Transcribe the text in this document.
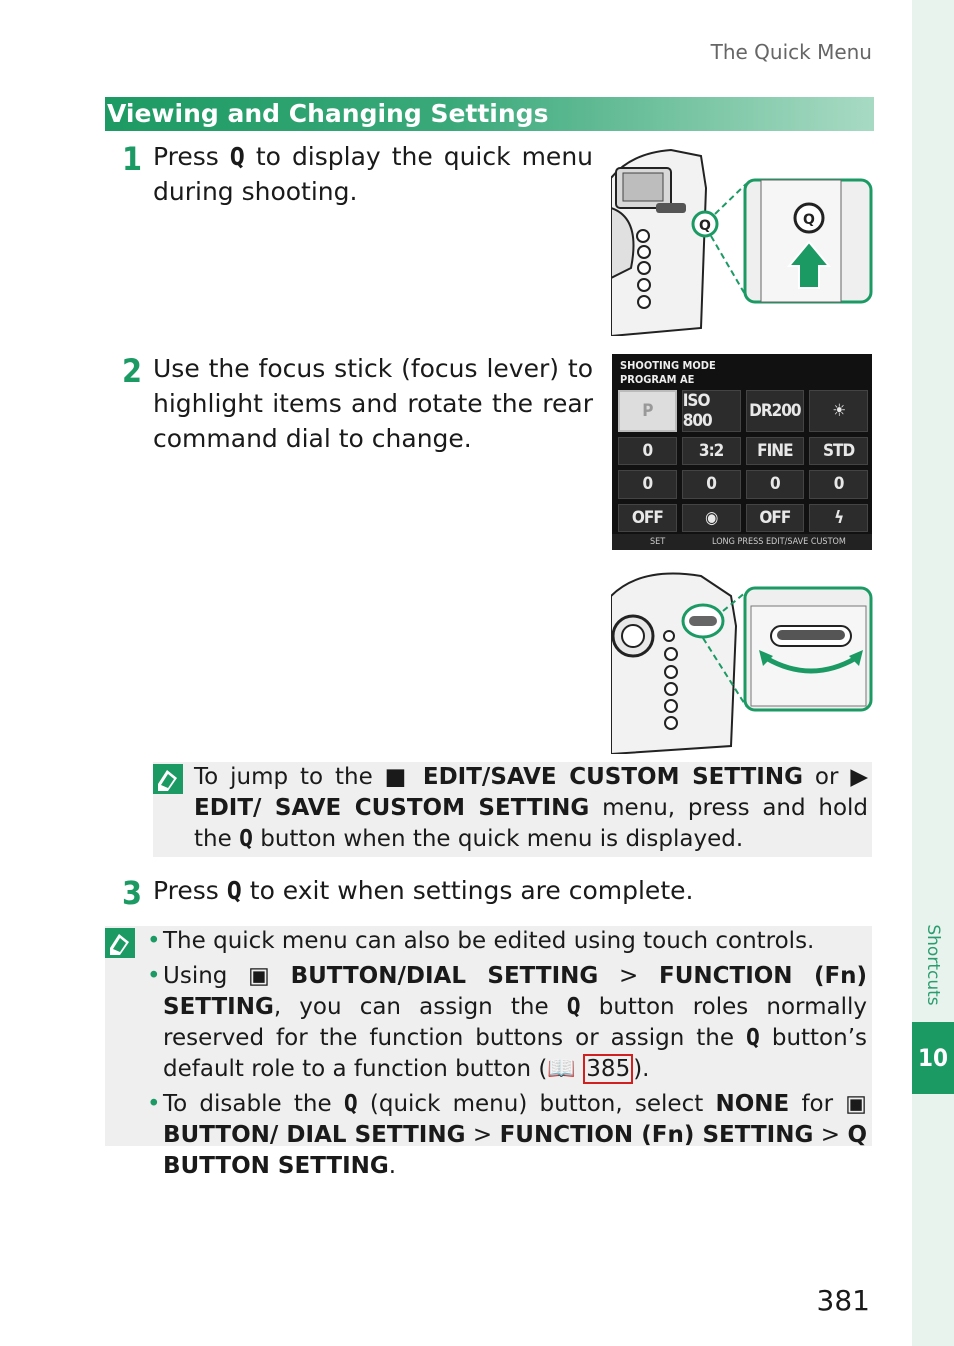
Shortcuts
10
The Quick Menu
Viewing and Changing Settings
1 Press Q to display the quick menu during shooting.
Q	Q
2 Use the focus stick (focus lever) to highlight items and rotate the rear command dial to change.
SHOOTING MODE
PROGRAM AE
P	ISO 800	DR200 ☀
0	3:2	FINE	STD
0	0	0	0
OFF	◉	OFF	ϟ
SET	LONG PRESS EDIT/SAVE CUSTOM
To jump to the ■ EDIT/SAVE CUSTOM SETTING or ▶ EDIT/ SAVE CUSTOM SETTING menu, press and hold the Q button when the quick menu is displayed.
3 Press Q to exit when settings are complete.
• The quick menu can also be edited using touch controls.
• Using ▣ BUTTON/DIAL SETTING > FUNCTION (Fn) SETTING, you can assign the Q button roles normally reserved for the function buttons or assign the Q button’s default role to a function button (📖 385 ).
• To disable the Q (quick menu) button, select NONE for ▣ BUTTON/ DIAL SETTING > FUNCTION (Fn) SETTING > Q BUTTON SETTING.
381
